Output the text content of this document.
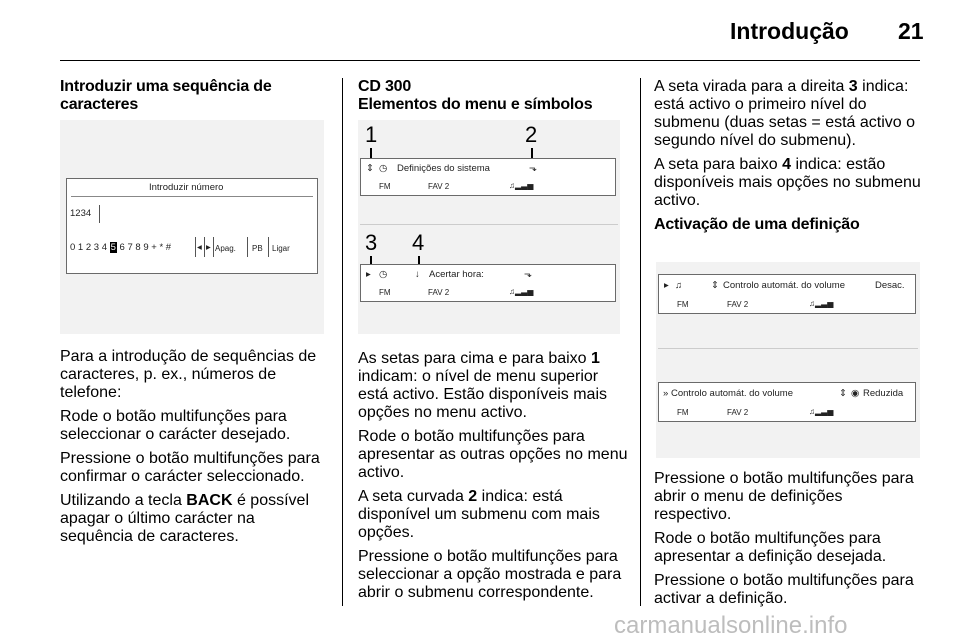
Introdução 21
Introduzir uma sequência de caracteres
Introduzir número
1234
0 1 2 3 4 5 6 7 8 9 + * #	◂ ▸ Apag. PB Ligar

Para a introdução de sequências de caracteres, p. ex., números de telefone:

Rode o botão multifunções para seleccionar o carácter desejado.

Pressione o botão multifunções para confirmar o carácter seleccionado.

Utilizando a tecla BACK é possível apagar o último carácter na sequência de caracteres.

CD 300
Elementos do menu e símbolos
1	2
⇕ ◷ Definições do sistema	⬎
FM	FAV 2	♫▂▃▅
3 4
▸ ◷	↓ Acertar hora:	⬎
FM	FAV 2	♫▂▃▅

As setas para cima e para baixo 1 indicam: o nível de menu superior está activo. Estão disponíveis mais opções no menu activo.

Rode o botão multifunções para apresentar as outras opções no menu activo.

A seta curvada 2 indica: está disponível um submenu com mais opções.

Pressione o botão multifunções para seleccionar a opção mostrada e para abrir o submenu correspondente.

A seta virada para a direita 3 indica: está activo o primeiro nível do submenu (duas setas = está activo o segundo nível do submenu).

A seta para baixo 4 indica: estão disponíveis mais opções no submenu activo.

Activação de uma definição
▸ ♫	⇕ Controlo automát. do volume	Desac.
FM	FAV 2	♫▂▃▅
» Controlo automát. do volume	⇕ ◉ Reduzida
FM	FAV 2	♫▂▃▅

Pressione o botão multifunções para abrir o menu de definições respectivo.

Rode o botão multifunções para apresentar a definição desejada.

Pressione o botão multifunções para activar a definição.

carmanualsonline.info
